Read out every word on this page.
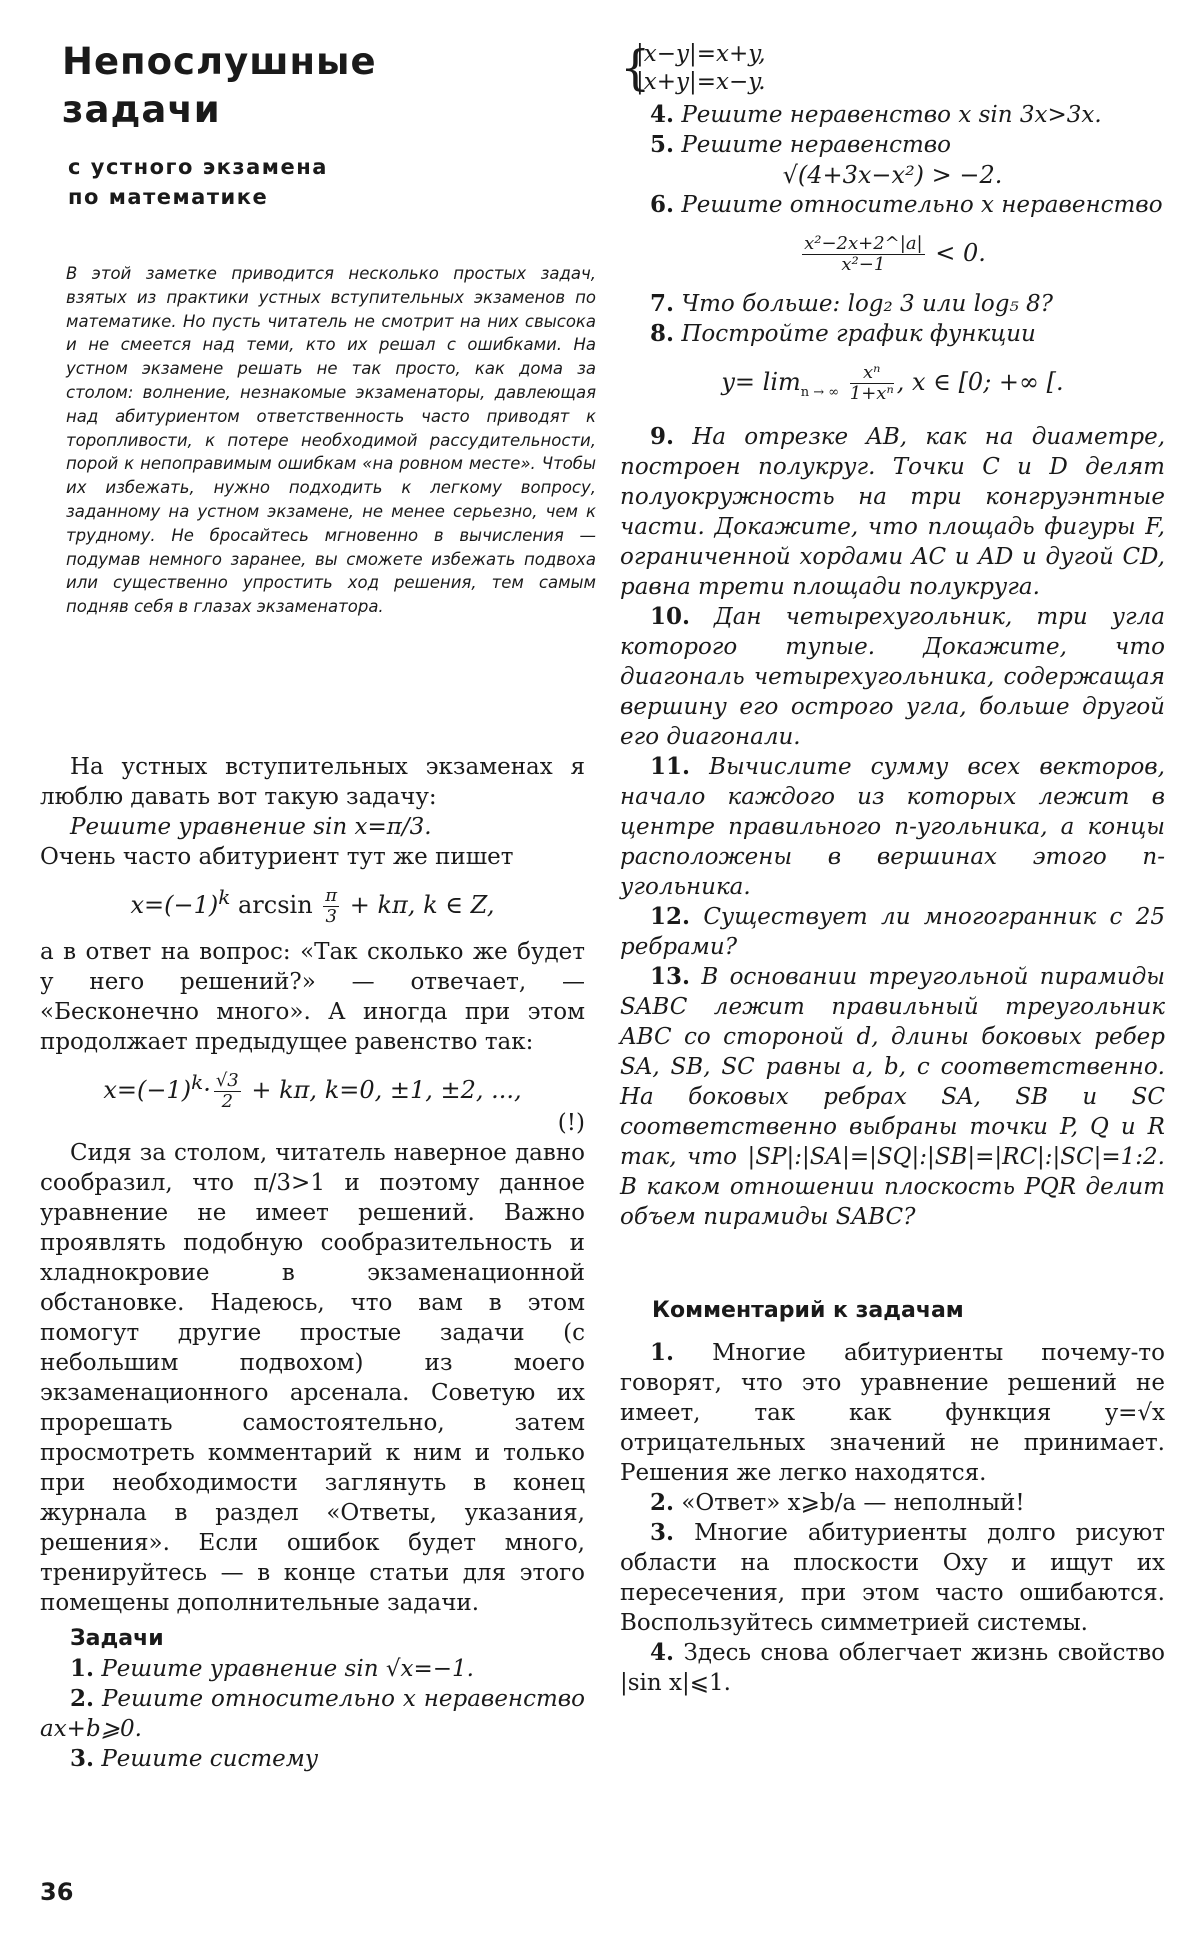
Непослушные
задачи
с устного экзамена
по математике

В этой заметке приводится несколько простых задач, взятых из практики устных вступительных экзаменов по математике. Но пусть читатель не смотрит на них свысока и не смеется над теми, кто их решал с ошибками. На устном экзамене решать не так просто, как дома за столом: волнение, незнакомые экзаменаторы, давлеющая над абитуриентом ответственность часто приводят к торопливости, к потере необходимой рассудительности, порой к непоправимым ошибкам «на ровном месте». Чтобы их избежать, нужно подходить к легкому вопросу, заданному на устном экзамене, не менее серьезно, чем к трудному. Не бросайтесь мгновенно в вычисления — подумав немного заранее, вы сможете избежать подвоха или существенно упростить ход решения, тем самым подняв себя в глазах экзаменатора.

На устных вступительных экзаменах я люблю давать вот такую задачу:

Решите уравнение sin x=π/3.

Очень часто абитуриент тут же пишет

$x=(-1)^k$ $\arcsin \frac{\pi}{3} + k\pi$, k ∈ Z,

а в ответ на вопрос: «Так сколько же будет у него решений?» — отвечает, — «Бесконечно много». А иногда при этом продолжает предыдущее равенство так:

$x=(-1)^k\cdot \frac{√3}{2} + k\pi$, k=0, ±1, ±2, ...,
(!)

Сидя за столом, читатель наверное давно сообразил, что π/3>1 и поэтому данное уравнение не имеет решений. Важно проявлять подобную сообразительность и хладнокровие в экзаменационной обстановке. Надеюсь, что вам в этом помогут другие простые задачи (с небольшим подвохом) из моего экзаменационного арсенала. Советую их прорешать самостоятельно, затем просмотреть комментарий к ним и только при необходимости заглянуть в конец журнала в раздел «Ответы, указания, решения». Если ошибок будет много, тренируйтесь — в конце статьи для этого помещены дополнительные задачи.

Задачи

1. Решите уравнение sin √x=−1.

2. Решите относительно x неравенство ax+b⩾0.

3. Решите систему

36
{
|x−y|=x+y,
|x+y|=x−y.

4. Решите неравенство x sin 3x>3x.

5. Решите неравенство

√(4+3x−x²) > −2.

6. Решите относительно x неравенство

$\frac{\text{x²−2x+2\textasciicircum{}|a|}}{\text{x²−1}} < 0$.

7. Что больше: log₂ 3 или log₅ 8?

8. Постройте график функции

$y= \lim_{n \to \infty} \frac{\text{xⁿ}}{\text{1+xⁿ}}$ , x ∈ [0; +∞ [.

9. На отрезке AB, как на диаметре, построен полукруг. Точки C и D делят полуокружность на три конгруэнтные части. Докажите, что площадь фигуры F, ограниченной хордами AC и AD и дугой CD, равна трети площади полукруга.

10. Дан четырехугольник, три угла которого тупые. Докажите, что диагональ четырехугольника, содержащая вершину его острого угла, больше другой его диагонали.

11. Вычислите сумму всех векторов, начало каждого из которых лежит в центре правильного n-угольника, а концы расположены в вершинах этого n-угольника.

12. Существует ли многогранник с 25 ребрами?

13. В основании треугольной пирамиды SABC лежит правильный треугольник ABC со стороной d, длины боковых ребер SA, SB, SC равны a, b, c соответственно. На боковых ребрах SA, SB и SC соответственно выбраны точки P, Q и R так, что |SP|:|SA|=|SQ|:|SB|=|RC|:|SC|=1:2. В каком отношении плоскость PQR делит объем пирамиды SABC?

Комментарий к задачам

1. Многие абитуриенты почему-то говорят, что это уравнение решений не имеет, так как функция y=√x отрицательных значений не принимает. Решения же легко находятся.

2. «Ответ» x⩾b/a — неполный!

3. Многие абитуриенты долго рисуют области на плоскости Oxy и ищут их пересечения, при этом часто ошибаются. Воспользуйтесь симметрией системы.

4. Здесь снова облегчает жизнь свойство |sin x|⩽1.
